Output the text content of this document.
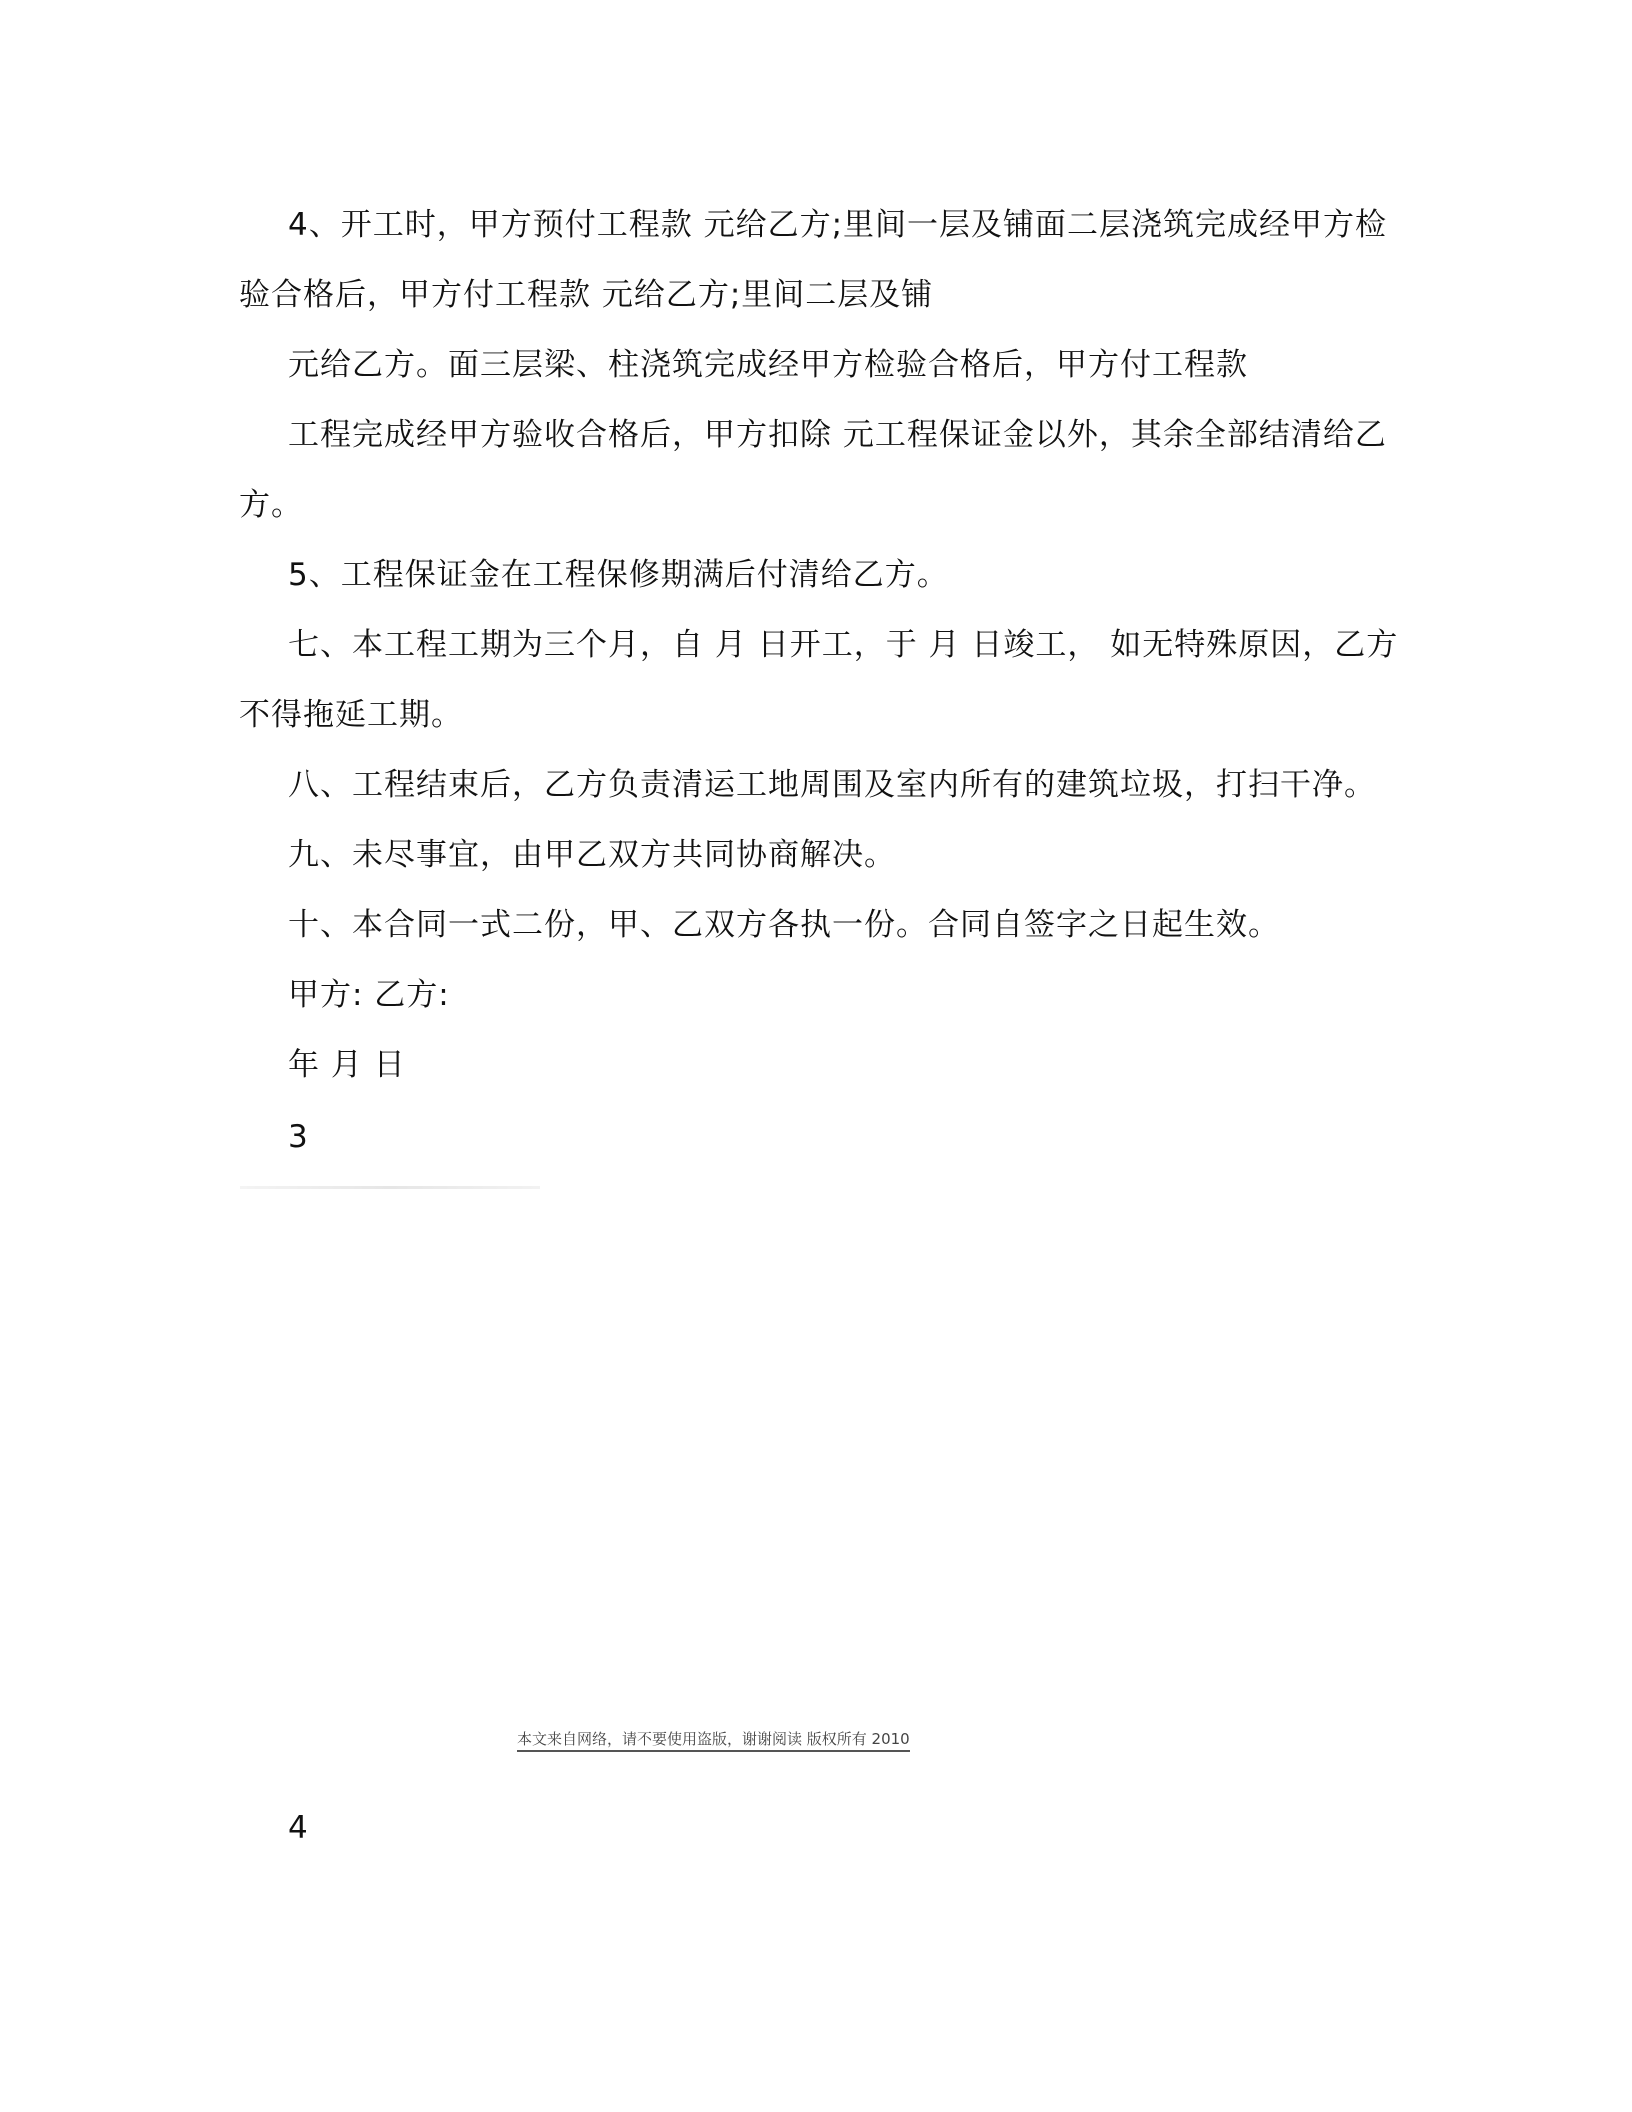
4、开工时，甲方预付工程款 元给乙方;里间一层及铺面二层浇筑完成经甲方检
验合格后，甲方付工程款 元给乙方;里间二层及铺
元给乙方。面三层梁、柱浇筑完成经甲方检验合格后，甲方付工程款
工程完成经甲方验收合格后，甲方扣除 元工程保证金以外，其余全部结清给乙
方。
5、工程保证金在工程保修期满后付清给乙方。
七、本工程工期为三个月，自 月 日开工，于 月 日竣工， 如无特殊原因，乙方
不得拖延工期。
八、工程结束后，乙方负责清运工地周围及室内所有的建筑垃圾，打扫干净。
九、未尽事宜，由甲乙双方共同协商解决。
十、本合同一式二份，甲、乙双方各执一份。合同自签字之日起生效。
甲方: 乙方:
年 月 日
3
本文来自网络，请不要使用盗版，谢谢阅读 版权所有 2010
4
